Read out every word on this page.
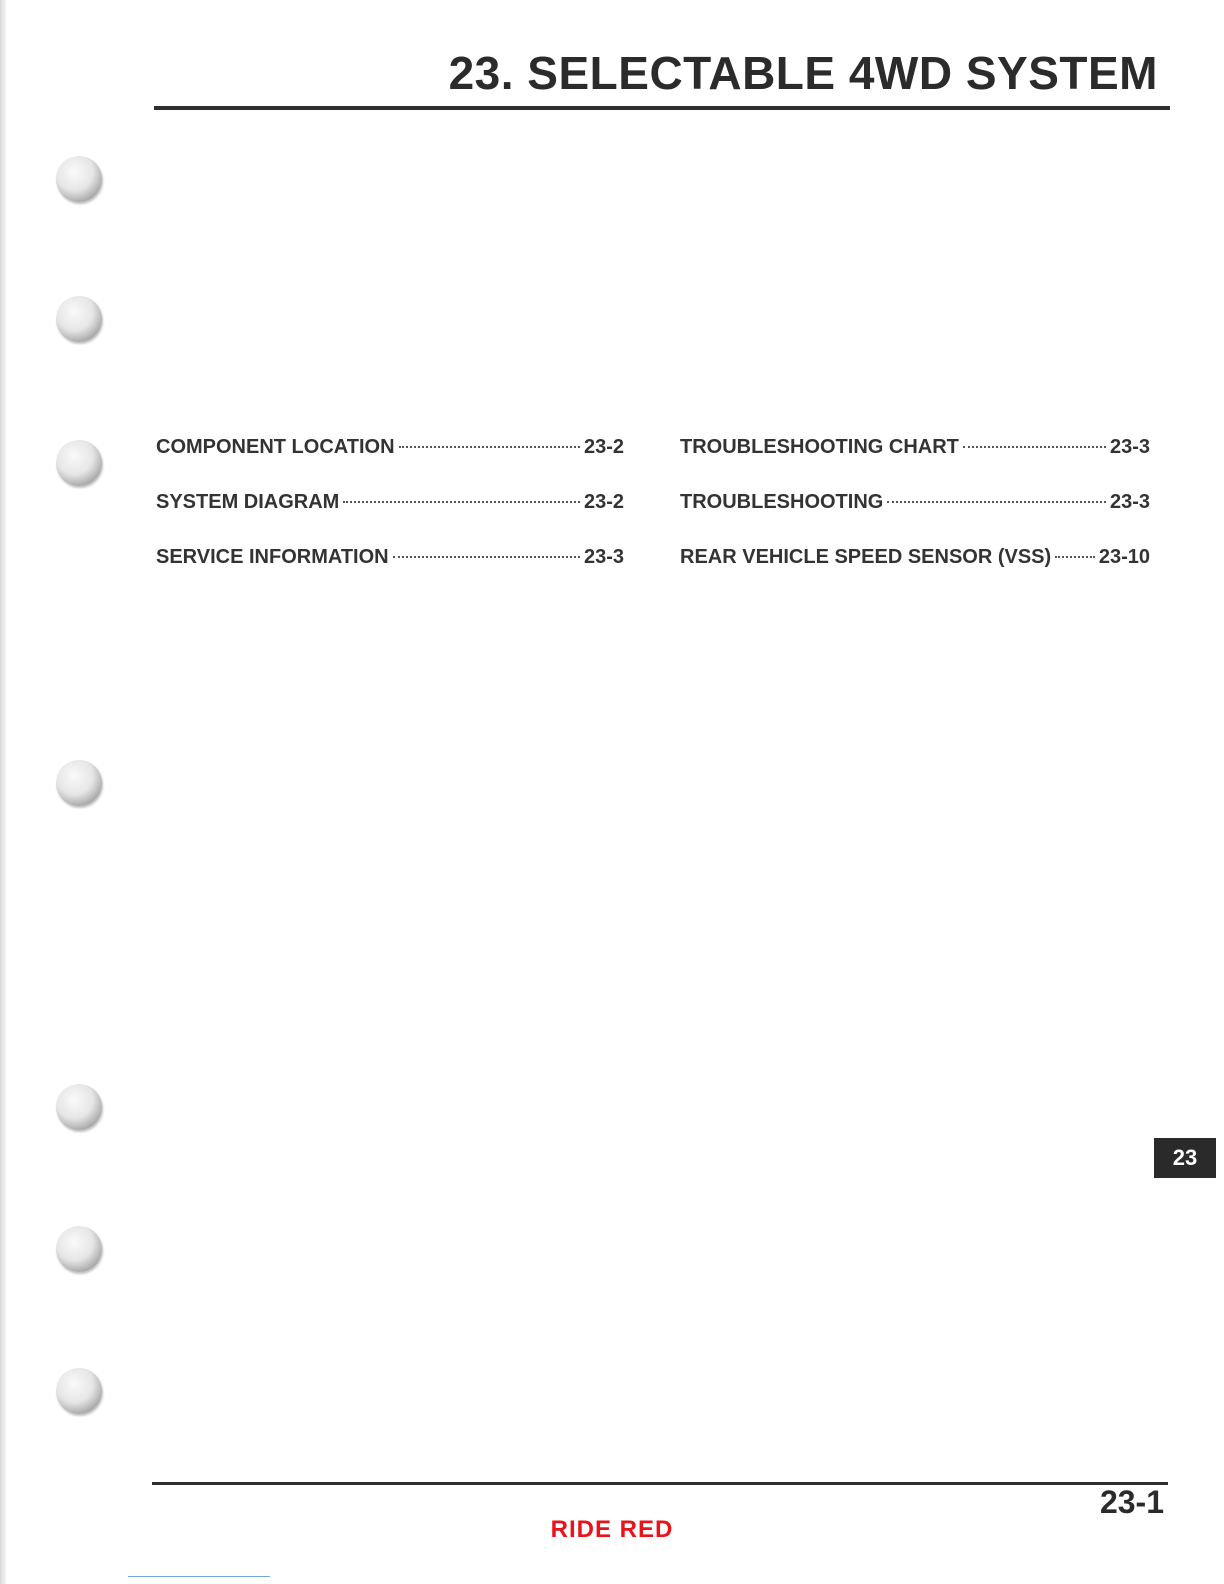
23. SELECTABLE 4WD SYSTEM
COMPONENT LOCATION	23-2
SYSTEM DIAGRAM	23-2
SERVICE INFORMATION	23-3
TROUBLESHOOTING CHART	23-3
TROUBLESHOOTING	23-3
REAR VEHICLE SPEED SENSOR (VSS) 23-10
23
23-1
RIDE RED
